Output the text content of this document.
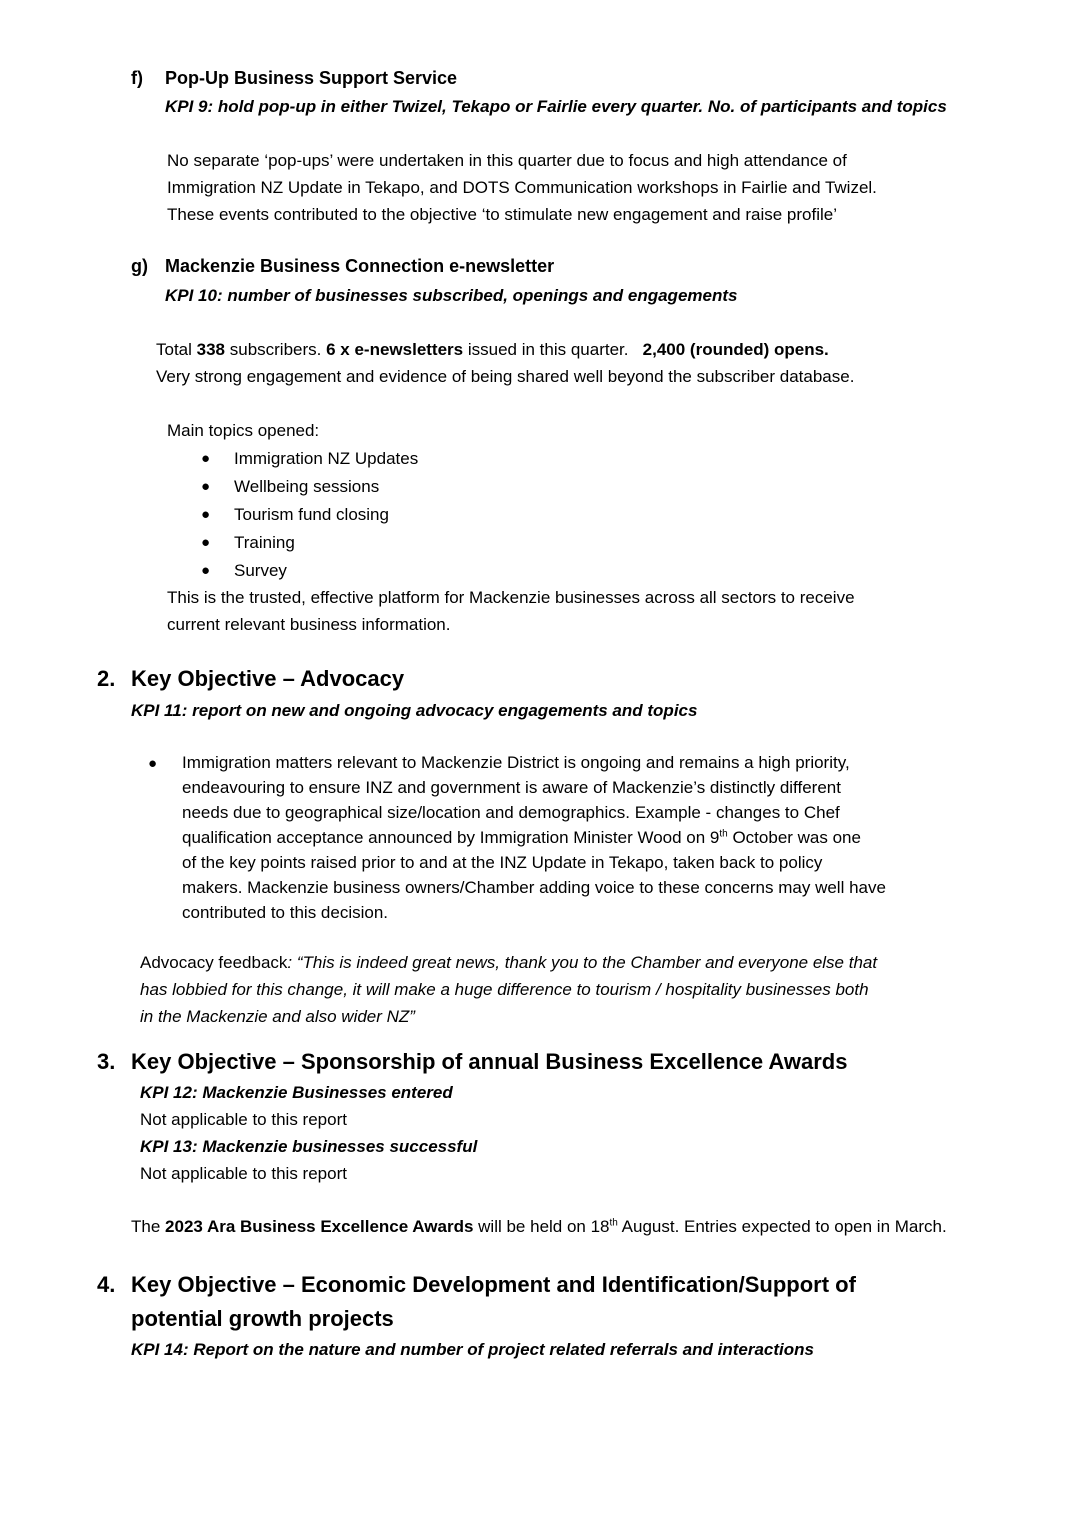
f) Pop-Up Business Support Service
KPI 9: hold pop-up in either Twizel, Tekapo or Fairlie every quarter. No. of participants and topics
No separate ‘pop-ups’ were undertaken in this quarter due to focus and high attendance of
Immigration NZ Update in Tekapo, and DOTS Communication workshops in Fairlie and Twizel.
These events contributed to the objective ‘to stimulate new engagement and raise profile’
g) Mackenzie Business Connection e-newsletter
KPI 10: number of businesses subscribed, openings and engagements
Total 338 subscribers. 6 x e-newsletters issued in this quarter.   2,400 (rounded) opens.
Very strong engagement and evidence of being shared well beyond the subscriber database.
Main topics opened:
● Immigration NZ Updates
● Wellbeing sessions
● Tourism fund closing
● Training
● Survey
This is the trusted, effective platform for Mackenzie businesses across all sectors to receive
current relevant business information.
2. Key Objective – Advocacy
KPI 11: report on new and ongoing advocacy engagements and topics
● Immigration matters relevant to Mackenzie District is ongoing and remains a high priority,
endeavouring to ensure INZ and government is aware of Mackenzie’s distinctly different
needs due to geographical size/location and demographics. Example - changes to Chef
qualification acceptance announced by Immigration Minister Wood on 9th October was one
of the key points raised prior to and at the INZ Update in Tekapo, taken back to policy
makers. Mackenzie business owners/Chamber adding voice to these concerns may well have
contributed to this decision.
Advocacy feedback: “This is indeed great news, thank you to the Chamber and everyone else that
has lobbied for this change, it will make a huge difference to tourism / hospitality businesses both
in the Mackenzie and also wider NZ”
3. Key Objective – Sponsorship of annual Business Excellence Awards
KPI 12: Mackenzie Businesses entered
Not applicable to this report
KPI 13: Mackenzie businesses successful
Not applicable to this report
The 2023 Ara Business Excellence Awards will be held on 18th August. Entries expected to open in March.
4. Key Objective – Economic Development and Identification/Support of
potential growth projects
KPI 14: Report on the nature and number of project related referrals and interactions
